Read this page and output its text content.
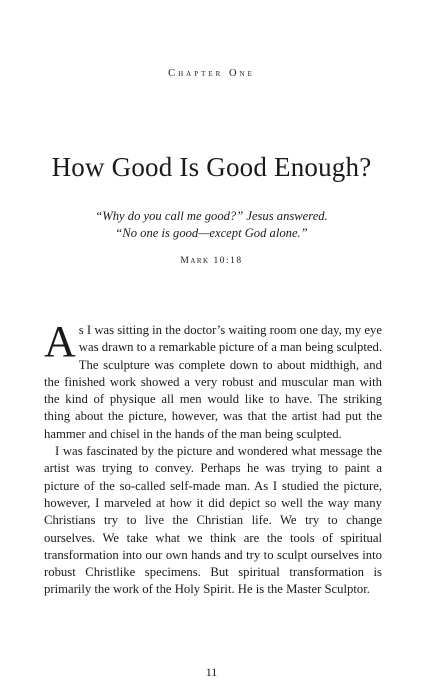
Chapter One
How Good Is Good Enough?
“Why do you call me good?” Jesus answered.
“No one is good—except God alone.”
Mark 10:18

As I was sitting in the doctor’s waiting room one day, my eye was drawn to a remarkable picture of a man being sculpted. The sculpture was complete down to about midthigh, and the finished work showed a very robust and muscular man with the kind of physique all men would like to have. The striking thing about the picture, however, was that the artist had put the hammer and chisel in the hands of the man being sculpted.

I was fascinated by the picture and wondered what message the artist was trying to convey. Perhaps he was trying to paint a picture of the so-called self-made man. As I studied the picture, however, I marveled at how it did depict so well the way many Christians try to live the Christian life. We try to change ourselves. We take what we think are the tools of spiritual transformation into our own hands and try to sculpt ourselves into robust Christlike specimens. But spiritual transformation is primarily the work of the Holy Spirit. He is the Master Sculptor.

11
